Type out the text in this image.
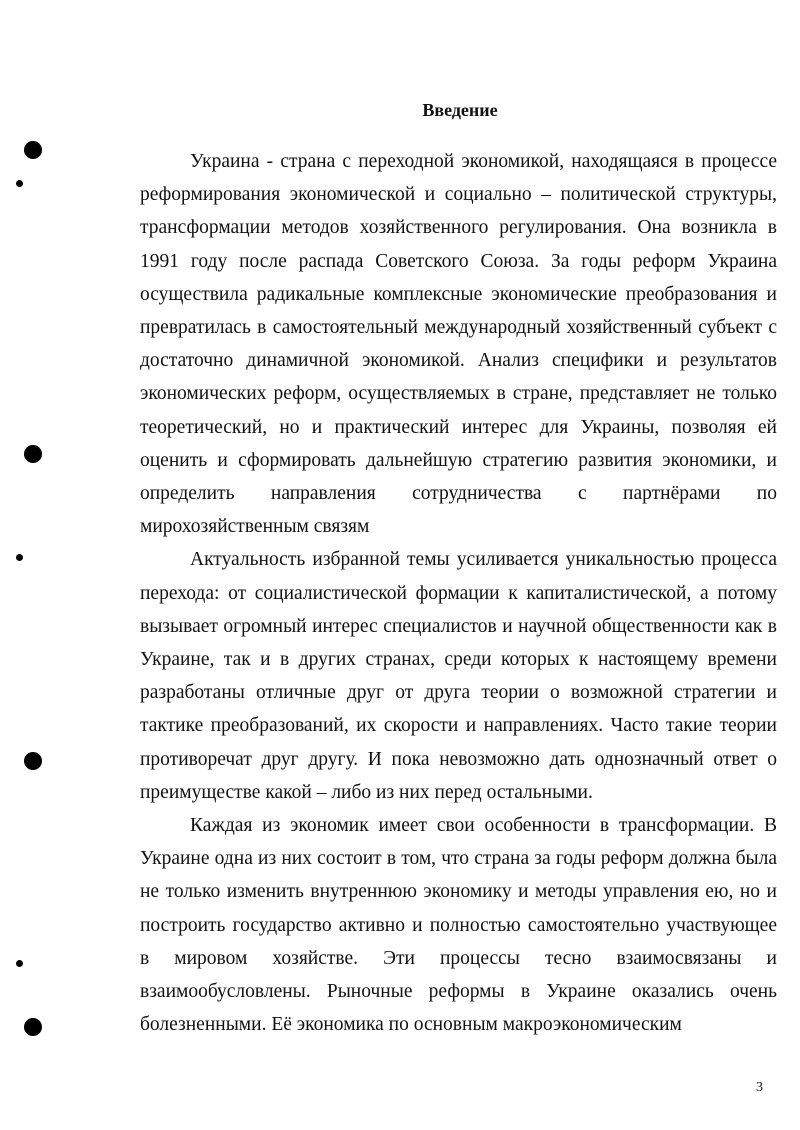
Введение

Украина - страна с переходной экономикой, находящаяся в процессе реформирования экономической и социально – политической структуры, трансформации методов хозяйственного регулирования. Она возникла в 1991 году после распада Советского Союза. За годы реформ Украина осуществила радикальные комплексные экономические преобразования и превратилась в самостоятельный международный хозяйственный субъект с достаточно динамичной экономикой. Анализ специфики и результатов экономических реформ, осуществляемых в стране, представляет не только теоретический, но и практический интерес для Украины, позволяя ей оценить и сформировать дальнейшую стратегию развития экономики, и определить направления сотрудничества с партнёрами по мирохозяйственным связям

Актуальность избранной темы усиливается уникальностью процесса перехода: от социалистической формации к капиталистической, а потому вызывает огромный интерес специалистов и научной общественности как в Украине, так и в других странах, среди которых к настоящему времени разработаны отличные друг от друга теории о возможной стратегии и тактике преобразований, их скорости и направлениях. Часто такие теории противоречат друг другу. И пока невозможно дать однозначный ответ о преимуществе какой – либо из них перед остальными.

Каждая из экономик имеет свои особенности в трансформации. В Украине одна из них состоит в том, что страна за годы реформ должна была не только изменить внутреннюю экономику и методы управления ею, но и построить государство активно и полностью самостоятельно участвующее в мировом хозяйстве. Эти процессы тесно взаимосвязаны и взаимообусловлены. Рыночные реформы в Украине оказались очень болезненными. Её экономика по основным макроэкономическим

3
